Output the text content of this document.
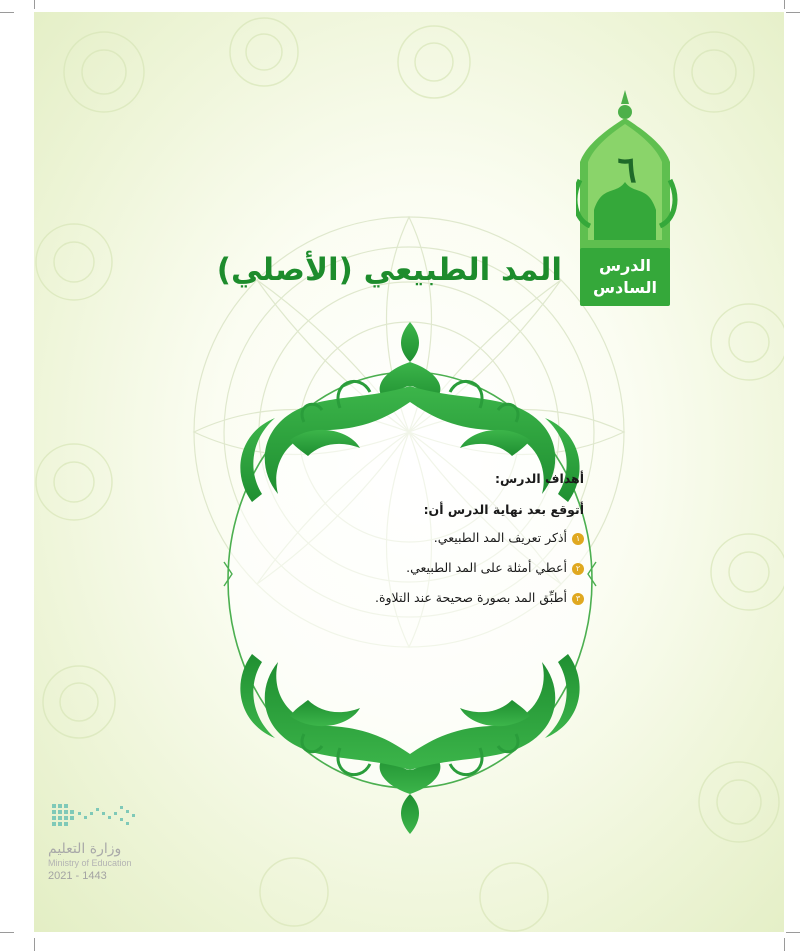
٦
الدرس
السادس
المد الطبيعي (الأصلي)
أهداف الدرس:
أتوقع بعد نهاية الدرس أن:
١أذكر تعريف المد الطبيعي.
٢أعطي أمثلة على المد الطبيعي.
٣أطبِّق المد بصورة صحيحة عند التلاوة.
وزارة التعليم
Ministry of Education
2021 - 1443
